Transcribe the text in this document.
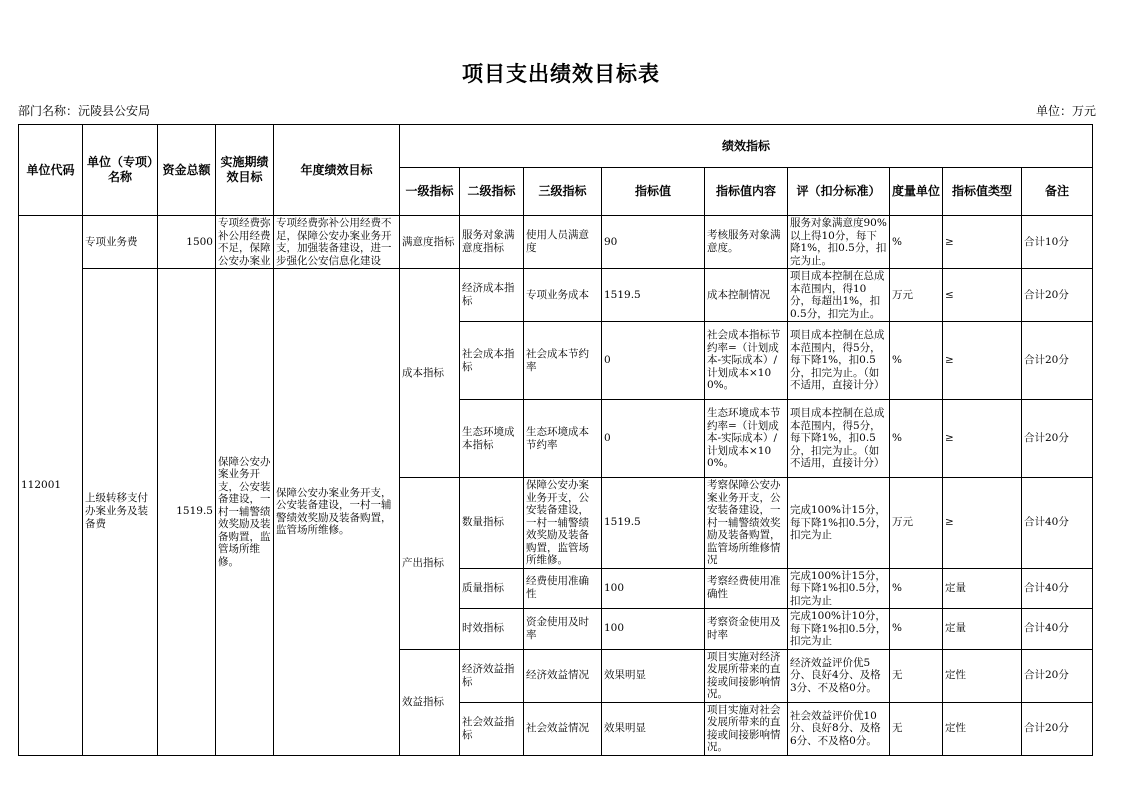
项目支出绩效目标表
部门名称：沅陵县公安局	单位：万元
单位代码	单位（专项）名称	资金总额	实施期绩效目标	年度绩效目标	绩效指标								
					一级指标	二级指标	三级指标	指标值	指标值内容	评（扣分标准）	度量单位	指标值类型	备注
112001	专项业务费	1500	专项经费弥补公用经费不足，保障公安办案业	专项经费弥补公用经费不足，保障公安办案业务开支，加强装备建设，进一步强化公安信息化建设	满意度指标	服务对象满意度指标	使用人员满意度	90	考核服务对象满意度。	服务对象满意度90%以上得10分，每下降1%，扣0.5分，扣完为止。	%	≥	合计10分
	上级转移支付办案业务及装备费	1519.5	保障公安办案业务开支，公安装备建设，一村一辅警绩效奖励及装备购置，监管场所维修。	保障公安办案业务开支，公安装备建设，一村一辅警绩效奖励及装备购置，监管场所维修。	成本指标	经济成本指标	专项业务成本	1519.5	成本控制情况	项目成本控制在总成本范围内，得10分，每超出1%，扣0.5分，扣完为止。	万元	≤	合计20分
						社会成本指标	社会成本节约率	0	社会成本指标节约率=（计划成本-实际成本）/计划成本×100%。	项目成本控制在总成本范围内，得5分，每下降1%，扣0.5分，扣完为止。（如不适用，直接计分）	%	≥	合计20分
						生态环境成本指标	生态环境成本节约率	0	生态环境成本节约率=（计划成本-实际成本）/计划成本×100%。	项目成本控制在总成本范围内，得5分，每下降1%，扣0.5分，扣完为止。（如不适用，直接计分）	%	≥	合计20分
					产出指标	数量指标	保障公安办案业务开支，公安装备建设，一村一辅警绩效奖励及装备购置，监管场所维修。	1519.5	考察保障公安办案业务开支，公安装备建设，一村一辅警绩效奖励及装备购置，监管场所维修情况	完成100%计15分，每下降1%扣0.5分，扣完为止	万元	≥	合计40分
						质量指标	经费使用准确性	100	考察经费使用准确性	完成100%计15分，每下降1%扣0.5分，扣完为止	%	定量	合计40分
						时效指标	资金使用及时率	100	考察资金使用及时率	完成100%计10分，每下降1%扣0.5分，扣完为止	%	定量	合计40分
					效益指标	经济效益指标	经济效益情况	效果明显	项目实施对经济发展所带来的直接或间接影响情况。	经济效益评价优5分、良好4分、及格3分、不及格0分。	无	定性	合计20分
						社会效益指标	社会效益情况	效果明显	项目实施对社会发展所带来的直接或间接影响情况。	社会效益评价优10分、良好8分、及格6分、不及格0分。	无	定性	合计20分
